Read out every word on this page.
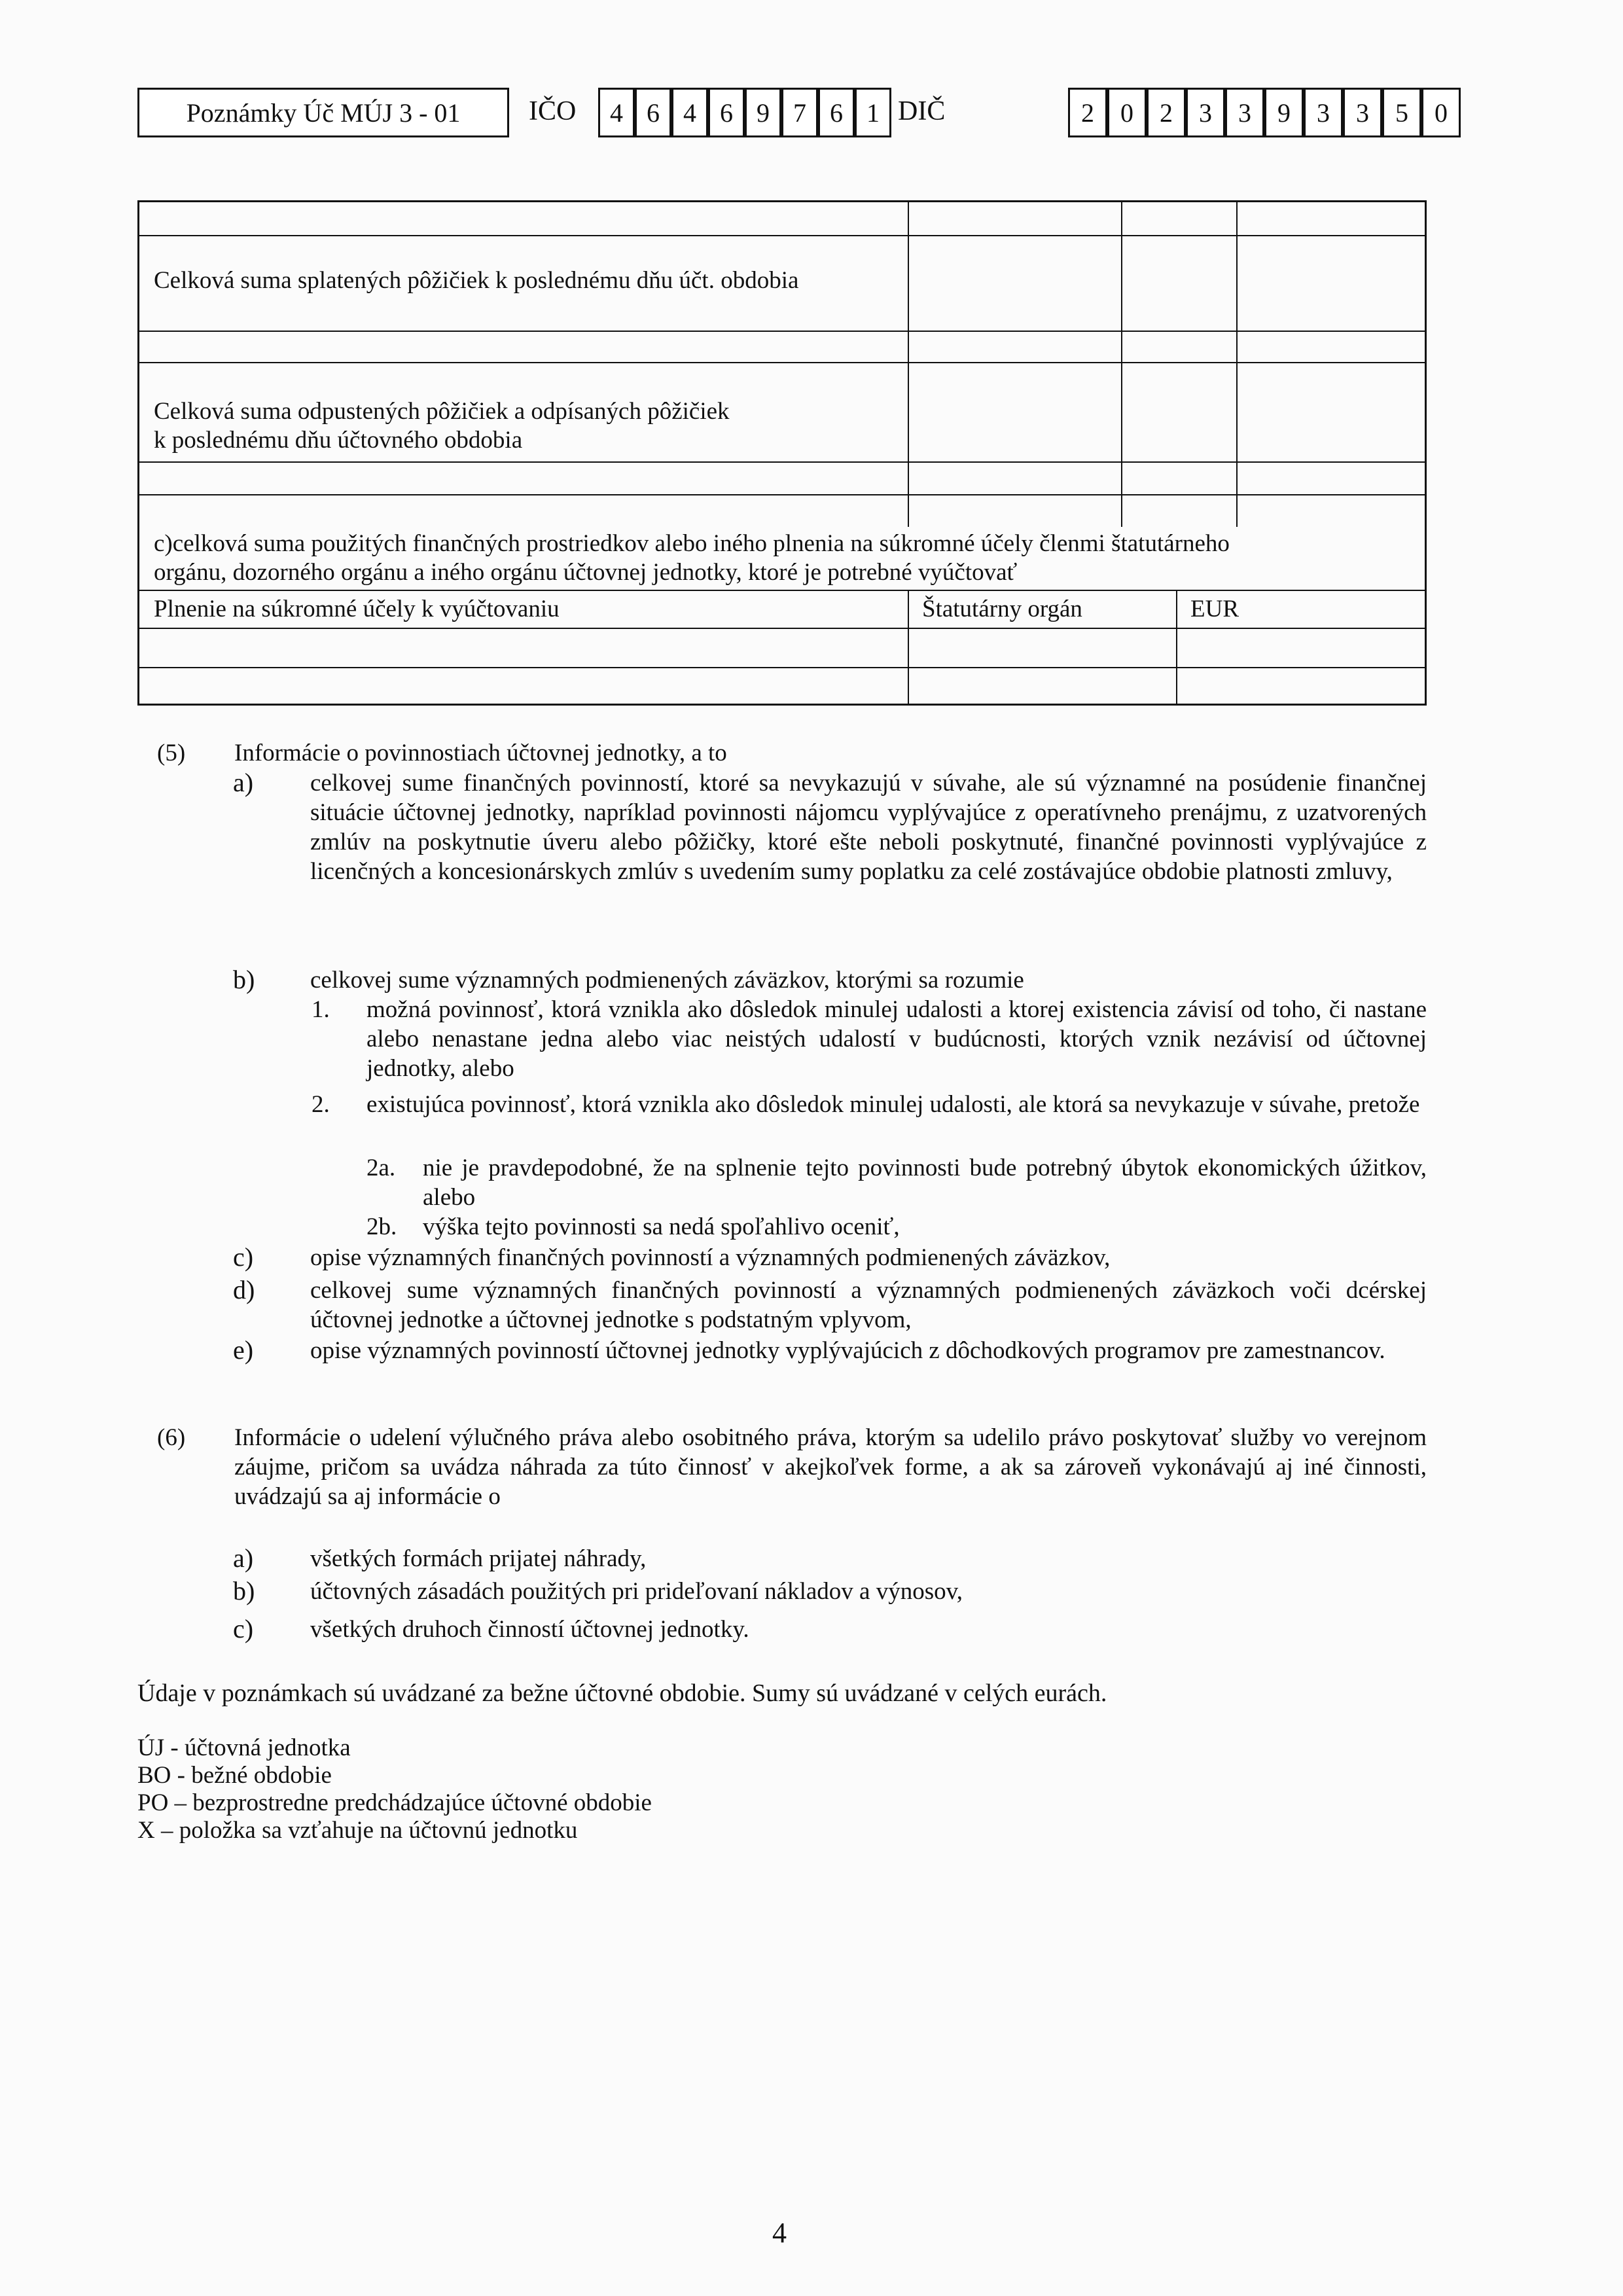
Poznámky Úč MÚJ 3 - 01 IČO	4 6 4 6 9 7 6 1 DIČ	2	0	2	3	3	9	3	3	5	0
Celková suma splatených pôžičiek k poslednému dňu účt. obdobia
Celková suma odpustených pôžičiek a odpísaných pôžičiek
k poslednému dňu účtovného obdobia
c)celková suma použitých finančných prostriedkov alebo iného plnenia na súkromné účely členmi štatutárneho
orgánu, dozorného orgánu a iného orgánu účtovnej jednotky, ktoré je potrebné vyúčtovať
Plnenie na súkromné účely k vyúčtovaniu	Štatutárny orgán	EUR
(5) Informácie o povinnostiach účtovnej jednotky, a to
a) celkovej sume finančných povinností, ktoré sa nevykazujú v súvahe, ale sú významné na posúdenie finančnej situácie účtovnej jednotky, napríklad povinnosti nájomcu vyplývajúce z operatívneho prenájmu, z uzatvorených zmlúv na poskytnutie úveru alebo pôžičky, ktoré ešte neboli poskytnuté, finančné povinnosti vyplývajúce z licenčných a koncesionárskych zmlúv s uvedením sumy poplatku za celé zostávajúce obdobie platnosti zmluvy,
b) celkovej sume významných podmienených záväzkov, ktorými sa rozumie
1. možná povinnosť, ktorá vznikla ako dôsledok minulej udalosti a ktorej existencia závisí od toho, či nastane alebo nenastane jedna alebo viac neistých udalostí v budúcnosti, ktorých vznik nezávisí od účtovnej jednotky, alebo
2. existujúca povinnosť, ktorá vznikla ako dôsledok minulej udalosti, ale ktorá sa nevykazuje v súvahe, pretože
2a. nie je pravdepodobné, že na splnenie tejto povinnosti bude potrebný úbytok ekonomických úžitkov, alebo
2b. výška tejto povinnosti sa nedá spoľahlivo oceniť,
c) opise významných finančných povinností a významných podmienených záväzkov,
d) celkovej sume významných finančných povinností a významných podmienených záväzkoch voči dcérskej účtovnej jednotke a účtovnej jednotke s podstatným vplyvom,
e) opise významných povinností účtovnej jednotky vyplývajúcich z dôchodkových programov pre zamestnancov.
(6) Informácie o udelení výlučného práva alebo osobitného práva, ktorým sa udelilo právo poskytovať služby vo verejnom záujme, pričom sa uvádza náhrada za túto činnosť v akejkoľvek forme, a ak sa zároveň vykonávajú aj iné činnosti, uvádzajú sa aj informácie o
a) všetkých formách prijatej náhrady,
b) účtovných zásadách použitých pri prideľovaní nákladov a výnosov,
c) všetkých druhoch činností účtovnej jednotky.
Údaje v poznámkach sú uvádzané za bežne účtovné obdobie. Sumy sú uvádzané v celých eurách.
ÚJ - účtovná jednotka
BO - bežné obdobie
PO – bezprostredne predchádzajúce účtovné obdobie
X – položka sa vzťahuje na účtovnú jednotku
4
